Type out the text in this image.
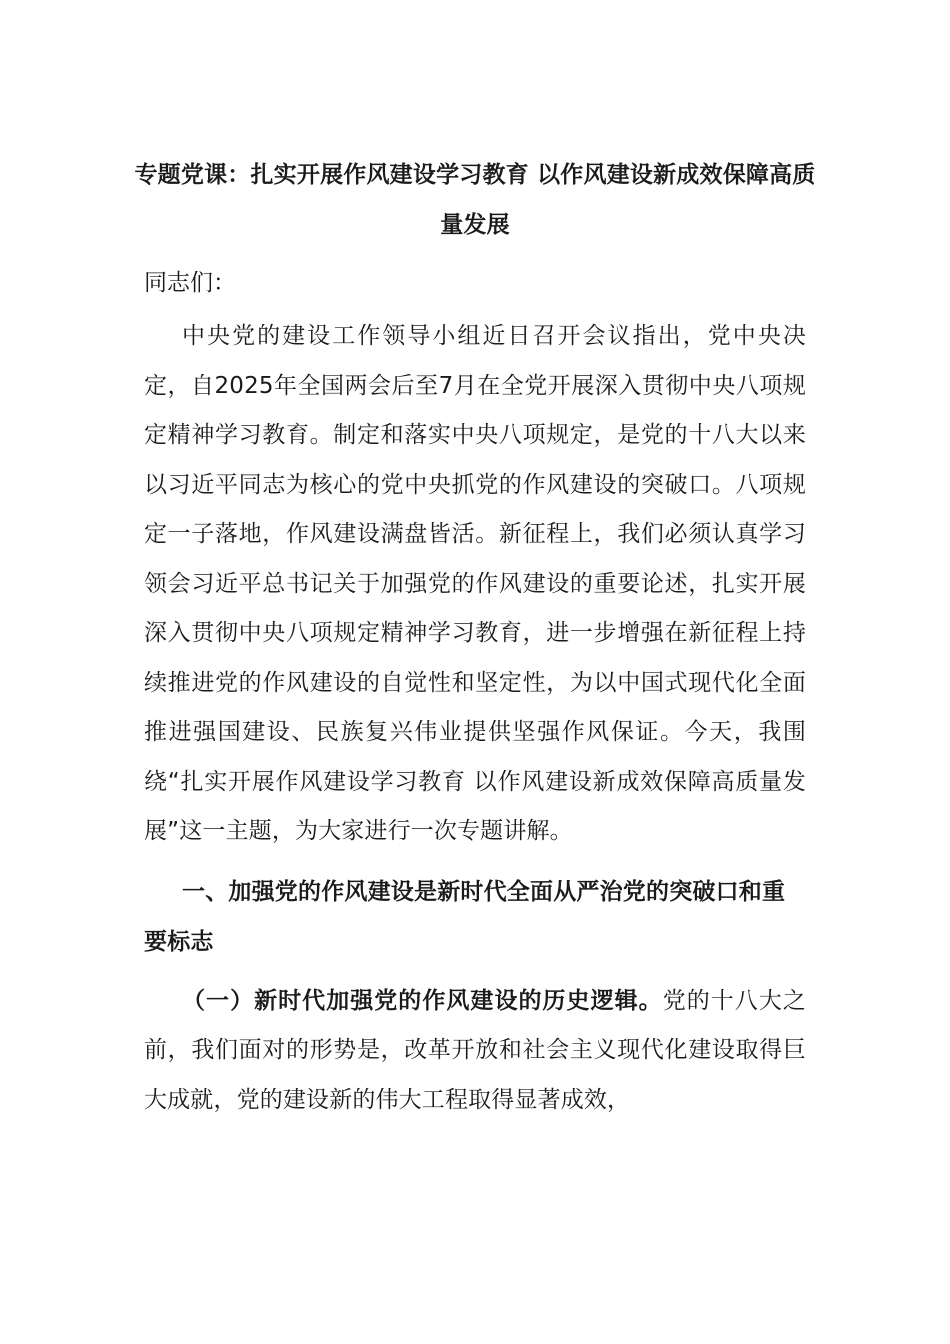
专题党课：扎实开展作风建设学习教育 以作风建设新成效保障高质量发展

同志们：

中央党的建设工作领导小组近日召开会议指出，党中央决定，自2025年全国两会后至7月在全党开展深入贯彻中央八项规定精神学习教育。制定和落实中央八项规定，是党的十八大以来以习近平同志为核心的党中央抓党的作风建设的突破口。八项规定一子落地，作风建设满盘皆活。新征程上，我们必须认真学习领会习近平总书记关于加强党的作风建设的重要论述，扎实开展深入贯彻中央八项规定精神学习教育，进一步增强在新征程上持续推进党的作风建设的自觉性和坚定性，为以中国式现代化全面推进强国建设、民族复兴伟业提供坚强作风保证。今天，我围绕“扎实开展作风建设学习教育 以作风建设新成效保障高质量发展”这一主题，为大家进行一次专题讲解。

一、加强党的作风建设是新时代全面从严治党的突破口和重要标志

（一）新时代加强党的作风建设的历史逻辑。党的十八大之前，我们面对的形势是，改革开放和社会主义现代化建设取得巨大成就，党的建设新的伟大工程取得显著成效，
